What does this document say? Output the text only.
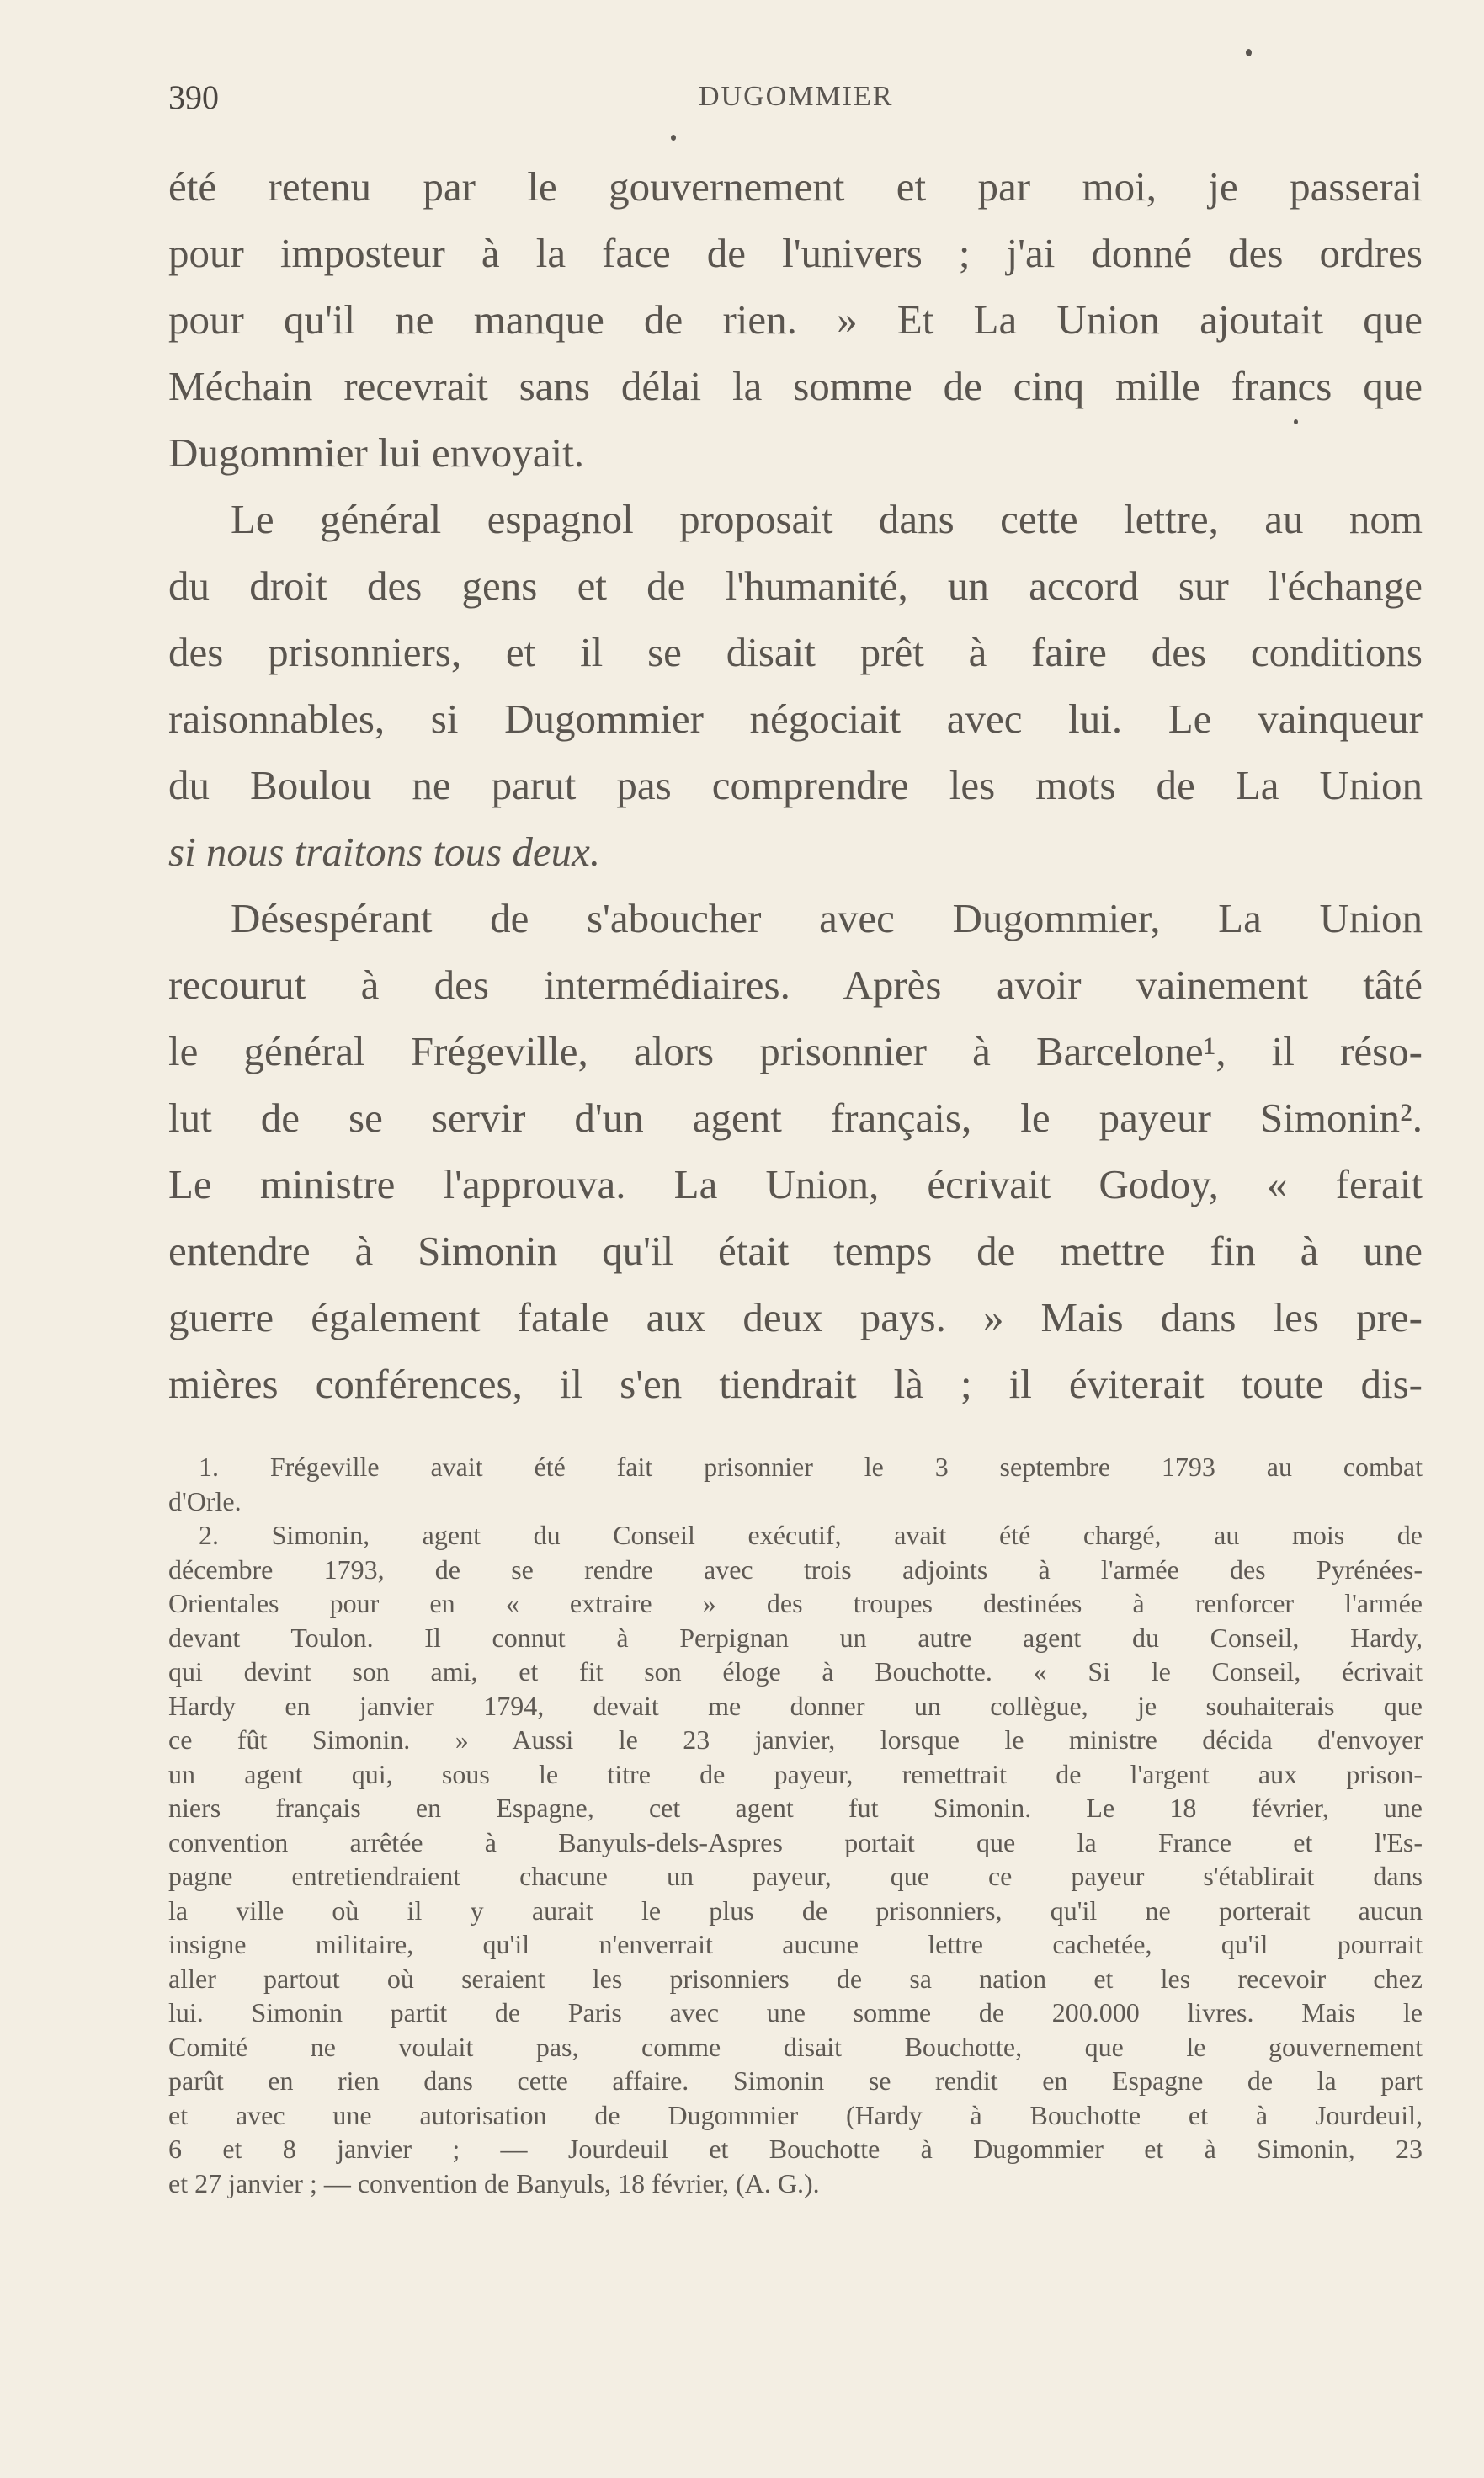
390	DUGOMMIER
été retenu par le gouvernement et par moi, je passerai
pour imposteur à la face de l'univers ; j'ai donné des ordres
pour qu'il ne manque de rien. » Et La Union ajoutait que
Méchain recevrait sans délai la somme de cinq mille francs que
Dugommier lui envoyait.
Le général espagnol proposait dans cette lettre, au nom
du droit des gens et de l'humanité, un accord sur l'échange
des prisonniers, et il se disait prêt à faire des conditions
raisonnables, si Dugommier négociait avec lui. Le vainqueur
du Boulou ne parut pas comprendre les mots de La Union
si nous traitons tous deux.
Désespérant de s'aboucher avec Dugommier, La Union
recourut à des intermédiaires. Après avoir vainement tâté
le général Frégeville, alors prisonnier à Barcelone¹, il réso-
lut de se servir d'un agent français, le payeur Simonin².
Le ministre l'approuva. La Union, écrivait Godoy, « ferait
entendre à Simonin qu'il était temps de mettre fin à une
guerre également fatale aux deux pays. » Mais dans les pre-
mières conférences, il s'en tiendrait là ; il éviterait toute dis-
1. Frégeville avait été fait prisonnier le 3 septembre 1793 au combat
d'Orle.
2. Simonin, agent du Conseil exécutif, avait été chargé, au mois de
décembre 1793, de se rendre avec trois adjoints à l'armée des Pyrénées-
Orientales pour en « extraire » des troupes destinées à renforcer l'armée
devant Toulon. Il connut à Perpignan un autre agent du Conseil, Hardy,
qui devint son ami, et fit son éloge à Bouchotte. « Si le Conseil, écrivait
Hardy en janvier 1794, devait me donner un collègue, je souhaiterais que
ce fût Simonin. » Aussi le 23 janvier, lorsque le ministre décida d'envoyer
un agent qui, sous le titre de payeur, remettrait de l'argent aux prison-
niers français en Espagne, cet agent fut Simonin. Le 18 février, une
convention arrêtée à Banyuls-dels-Aspres portait que la France et l'Es-
pagne entretiendraient chacune un payeur, que ce payeur s'établirait dans
la ville où il y aurait le plus de prisonniers, qu'il ne porterait aucun
insigne militaire, qu'il n'enverrait aucune lettre cachetée, qu'il pourrait
aller partout où seraient les prisonniers de sa nation et les recevoir chez
lui. Simonin partit de Paris avec une somme de 200.000 livres. Mais le
Comité ne voulait pas, comme disait Bouchotte, que le gouvernement
parût en rien dans cette affaire. Simonin se rendit en Espagne de la part
et avec une autorisation de Dugommier (Hardy à Bouchotte et à Jourdeuil,
6 et 8 janvier ; — Jourdeuil et Bouchotte à Dugommier et à Simonin, 23
et 27 janvier ; — convention de Banyuls, 18 février, (A. G.).
